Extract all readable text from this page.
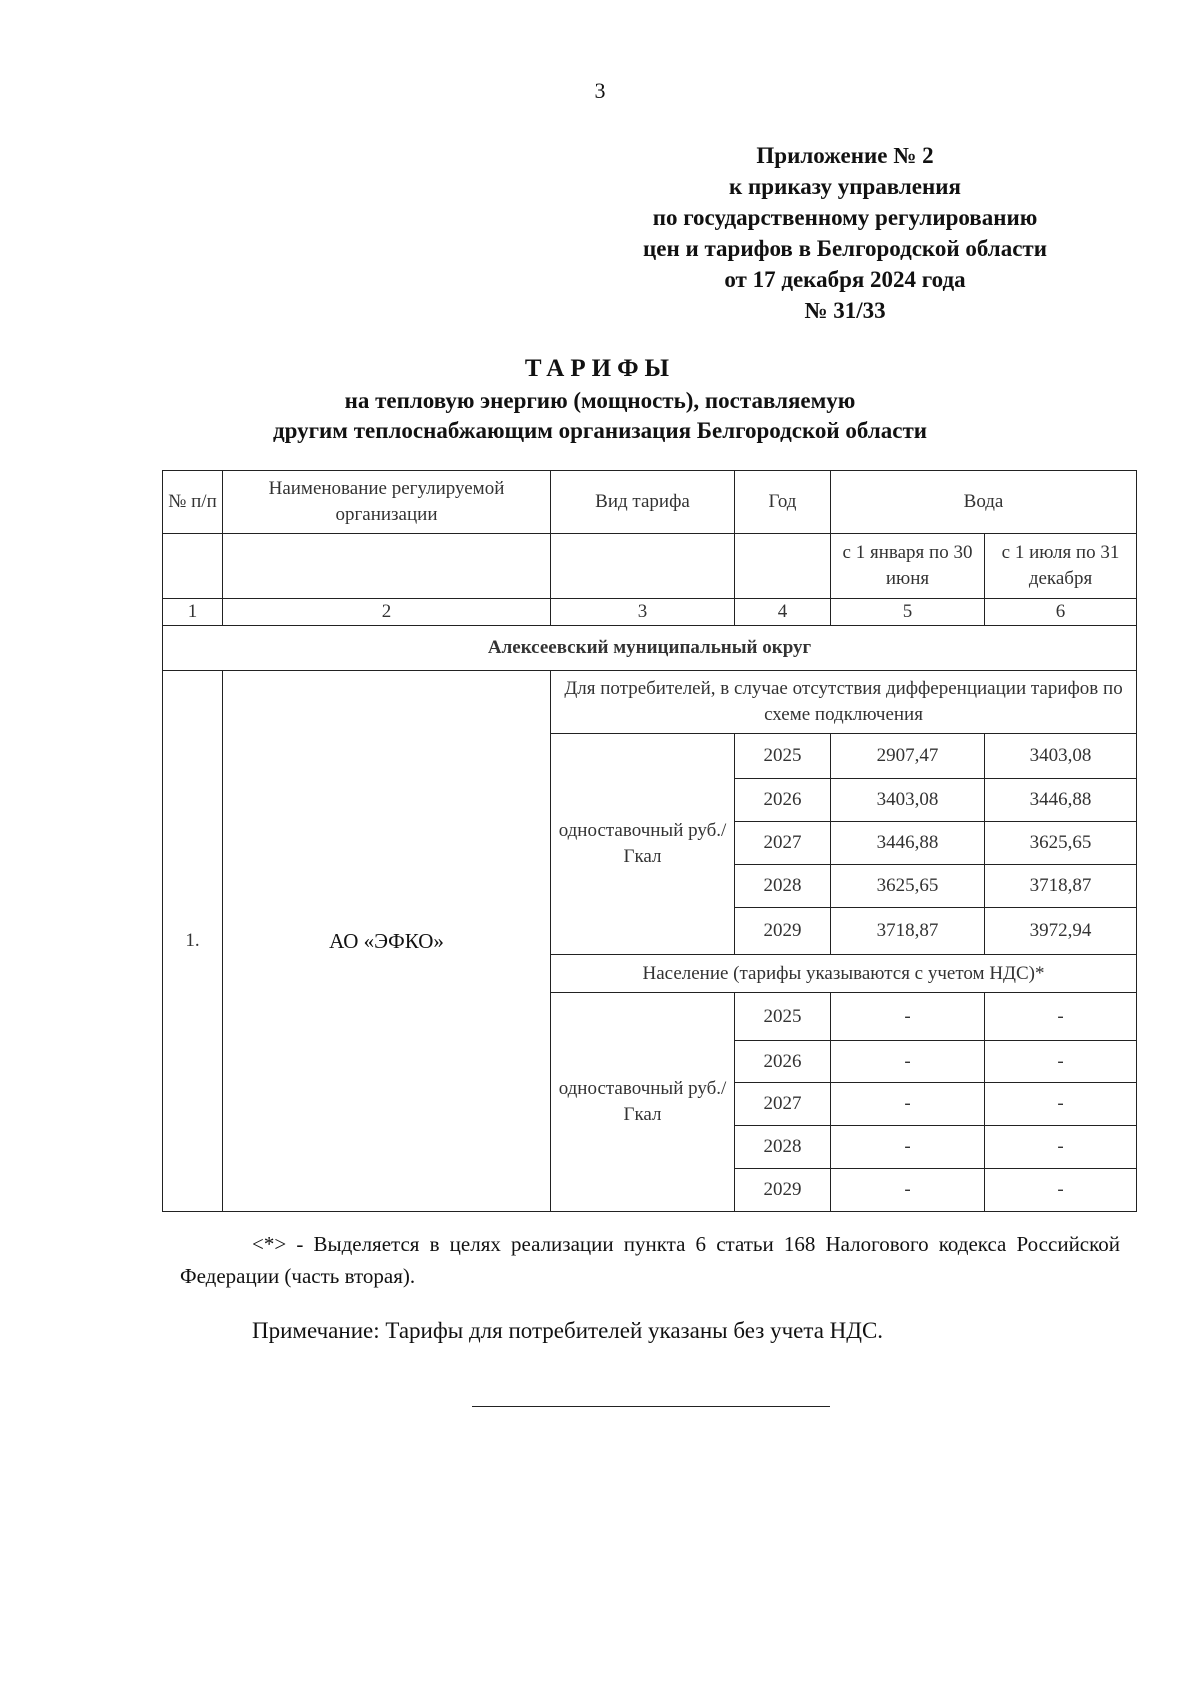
3
Приложение № 2
к приказу управления
по государственному регулированию
цен и тарифов в Белгородской области
от 17 декабря 2024 года
№ 31/33
ТАРИФЫ
на тепловую энергию (мощность), поставляемую
другим теплоснабжающим организация Белгородской области
№ п/п	Наименование регулируемой организации	Вид тарифа	Год	Вода	
				с 1 января по 30 июня	с 1 июля по 31 декабря
1	2	3	4	5	6
Алексеевский муниципальный округ					
1.	АО «ЭФКО»	Для потребителей, в случае отсутствия дифференциации тарифов по схеме подключения			
		одноставочный руб./Гкал	2025	2907,47	3403,08
			2026	3403,08	3446,88
			2027	3446,88	3625,65
			2028	3625,65	3718,87
			2029	3718,87	3972,94
		Население (тарифы указываются с учетом НДС)*			
		одноставочный руб./Гкал	2025	-	-
			2026	-	-
			2027	-	-
			2028	-	-
			2029	-	-
<*> - Выделяется в целях реализации пункта 6 статьи 168 Налогового кодекса Российской Федерации (часть вторая).
Примечание: Тарифы для потребителей указаны без учета НДС.
